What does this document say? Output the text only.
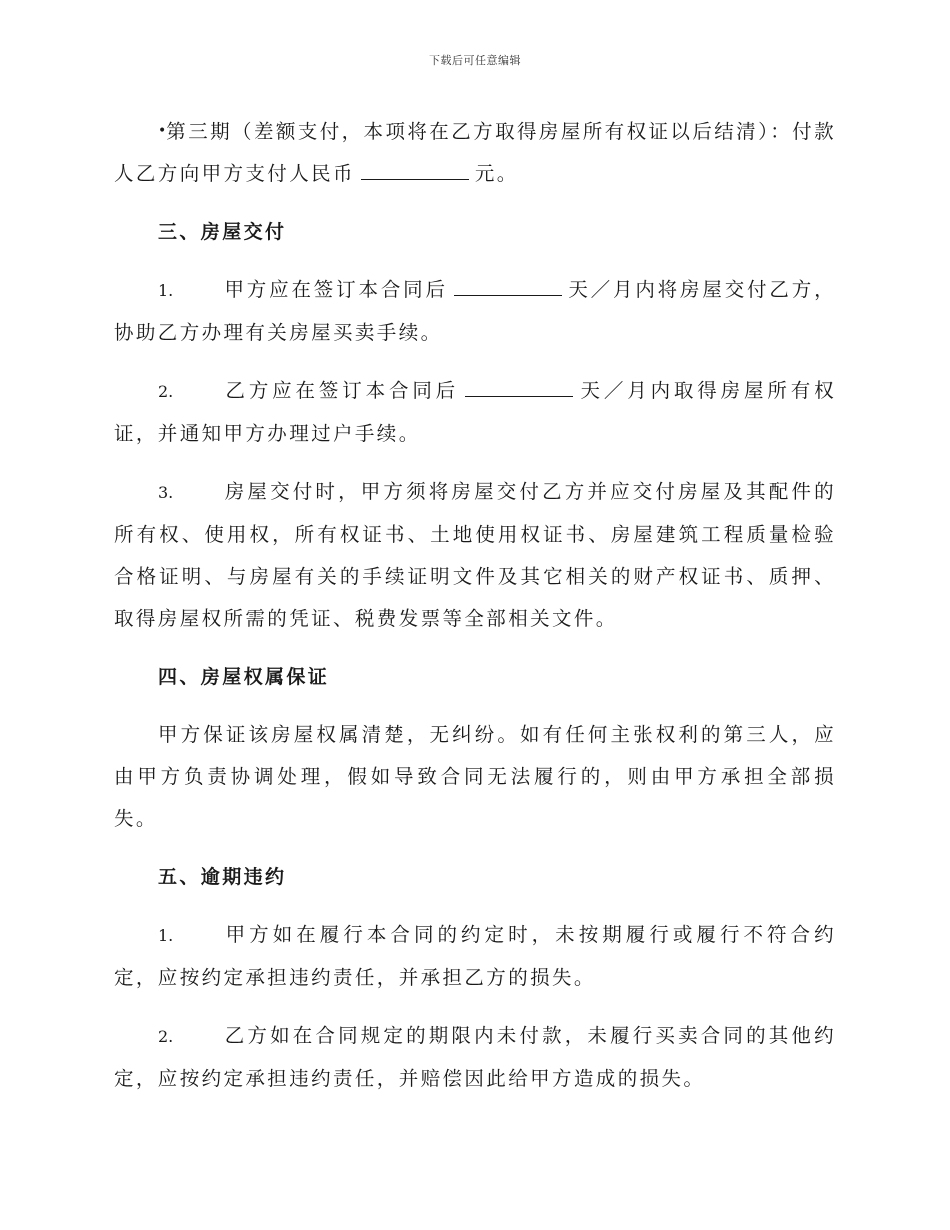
下载后可任意编辑

•第三期（差额支付，本项将在乙方取得房屋所有权证以后结清）：付款人乙方向甲方支付人民币	元。

三、房屋交付

1.	甲方应在签订本合同后	天／月内将房屋交付乙方，协助乙方办理有关房屋买卖手续。

2.	乙方应在签订本合同后	天／月内取得房屋所有权证，并通知甲方办理过户手续。

3.	房屋交付时，甲方须将房屋交付乙方并应交付房屋及其配件的所有权、使用权，所有权证书、土地使用权证书、房屋建筑工程质量检验合格证明、与房屋有关的手续证明文件及其它相关的财产权证书、质押、取得房屋权所需的凭证、税费发票等全部相关文件。

四、房屋权属保证

甲方保证该房屋权属清楚，无纠纷。如有任何主张权利的第三人，应由甲方负责协调处理，假如导致合同无法履行的，则由甲方承担全部损失。

五、逾期违约

1.	甲方如在履行本合同的约定时，未按期履行或履行不符合约定，应按约定承担违约责任，并承担乙方的损失。

2.	乙方如在合同规定的期限内未付款，未履行买卖合同的其他约定，应按约定承担违约责任，并赔偿因此给甲方造成的损失。
